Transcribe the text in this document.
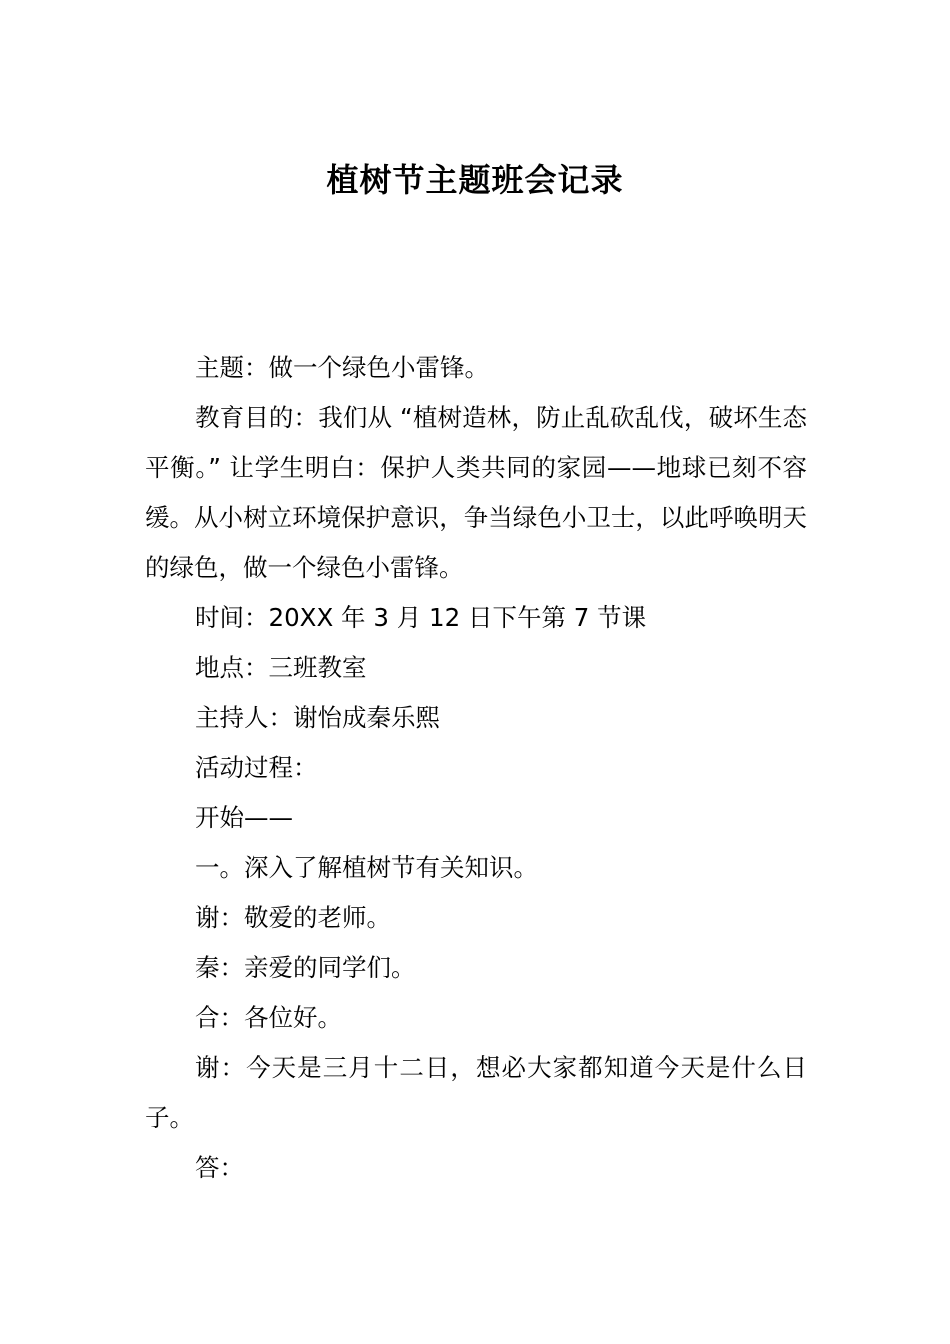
植树节主题班会记录

主题：做一个绿色小雷锋。

教育目的：我们从 “植树造林，防止乱砍乱伐，破坏生态平衡。” 让学生明白：保护人类共同的家园——地球已刻不容缓。从小树立环境保护意识，争当绿色小卫士，以此呼唤明天的绿色，做一个绿色小雷锋。

时间：20XX 年 3 月 12 日下午第 7 节课

地点：三班教室

主持人：谢怡成秦乐熙

活动过程：

开始——

一。深入了解植树节有关知识。

谢：敬爱的老师。

秦：亲爱的同学们。

合：各位好。

谢：今天是三月十二日，想必大家都知道今天是什么日子。

答：
